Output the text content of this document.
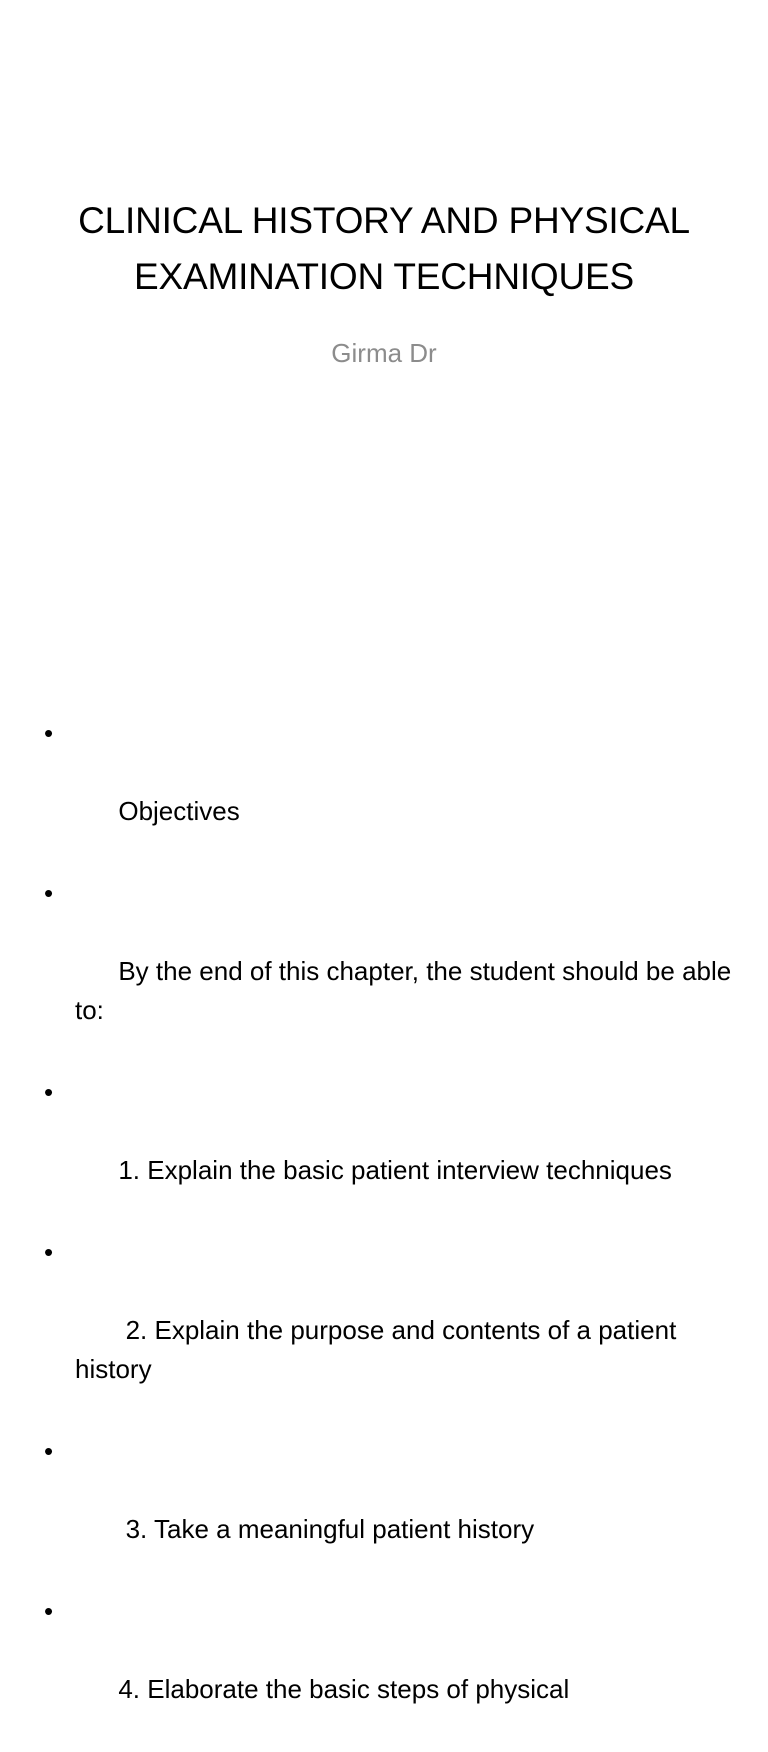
CLINICAL HISTORY AND PHYSICAL
EXAMINATION TECHNIQUES

Girma Dr

•

Objectives

•

By the end of this chapter, the student should be able to:

•

1. Explain the basic patient interview techniques

•

2. Explain the purpose and contents of a patient history

•

3. Take a meaningful patient history

•

4. Elaborate the basic steps of physical
